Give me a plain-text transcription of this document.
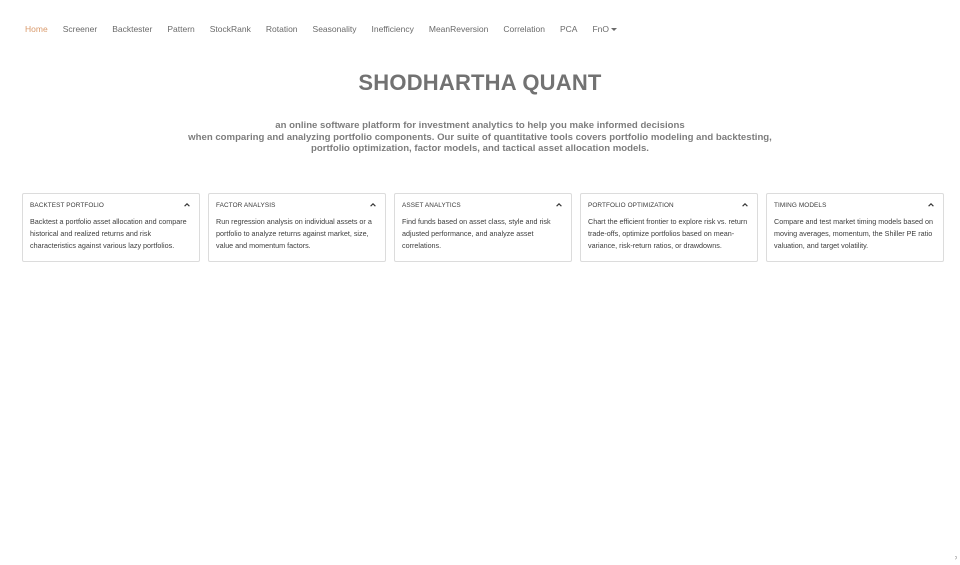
Home Screener Backtester Pattern StockRank Rotation Seasonality Inefficiency MeanReversion Correlation PCA FnO
SHODHARTHA QUANT
an online software platform for investment analytics to help you make informed decisions
when comparing and analyzing portfolio components. Our suite of quantitative tools covers portfolio modeling and backtesting,
portfolio optimization, factor models, and tactical asset allocation models.
BACKTEST PORTFOLIO
Backtest a portfolio asset allocation and compare historical and realized returns and risk characteristics against various lazy portfolios.
FACTOR ANALYSIS
Run regression analysis on individual assets or a portfolio to analyze returns against market, size, value and momentum factors.
ASSET ANALYTICS
Find funds based on asset class, style and risk adjusted performance, and analyze asset correlations.
PORTFOLIO OPTIMIZATION
Chart the efficient frontier to explore risk vs. return trade-offs, optimize portfolios based on mean-variance, risk-return ratios, or drawdowns.
TIMING MODELS
Compare and test market timing models based on moving averages, momentum, the Shiller PE ratio valuation, and target volatility.
ˀ
